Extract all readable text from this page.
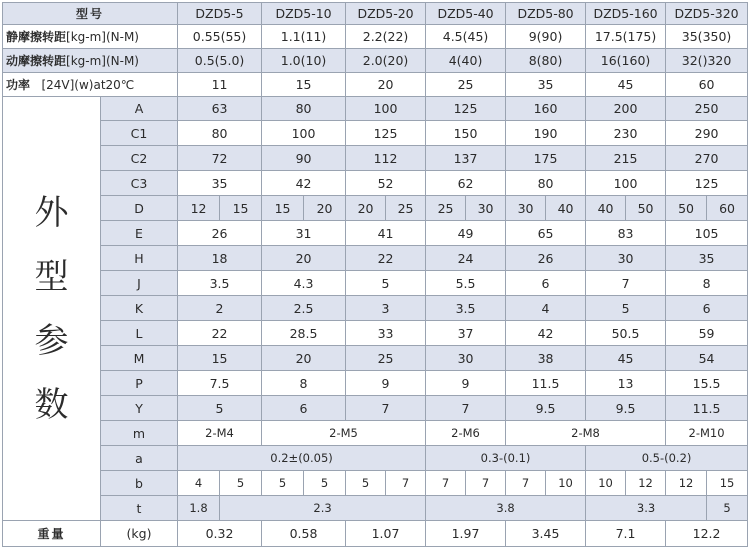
型号		DZD5-5		DZD5-10		DZD5-20		DZD5-40		DZD5-80		DZD5-160		DZD5-320	
静摩擦转距[kg-m](N-M)		0.55(55)		1.1(11)		2.2(22)		4.5(45)		9(90)		17.5(175)		35(350)	
动摩擦转距[kg-m](N-M)		0.5(5.0)		1.0(10)		2.0(20)		4(40)		8(80)		16(160)		32()320	
功率   [24V](w)at20℃		11		15		20		25		35		45		60	
外
型
参
数	A	63		80		100		125		160		200		250	
	C1	80		100		125		150		190		230		290	
	C2	72		90		112		137		175		215		270	
	C3	35		42		52		62		80		100		125	
	D	12	15	15	20	20	25	25	30	30	40	40	50	50	60
	E	26		31		41		49		65		83		105	
	H	18		20		22		24		26		30		35	
	J	3.5		4.3		5		5.5		6		7		8	
	K	2		2.5		3		3.5		4		5		6	
	L	22		28.5		33		37		42		50.5		59	
	M	15		20		25		30		38		45		54	
	P	7.5		8		9		9		11.5		13		15.5	
	Y	5		6		7		7		9.5		9.5		11.5	
	m	2-M4		2-M5				2-M6		2-M8				2-M10	
	a	0.2±(0.05)						0.3-(0.1)				0.5-(0.2)			
	b	4	5	5	5	5	7	7	7	7	10	10	12	12	15
	t	1.8	2.3					3.8				3.3			5
重量	(kg)	0.32		0.58		1.07		1.97		3.45		7.1		12.2	
